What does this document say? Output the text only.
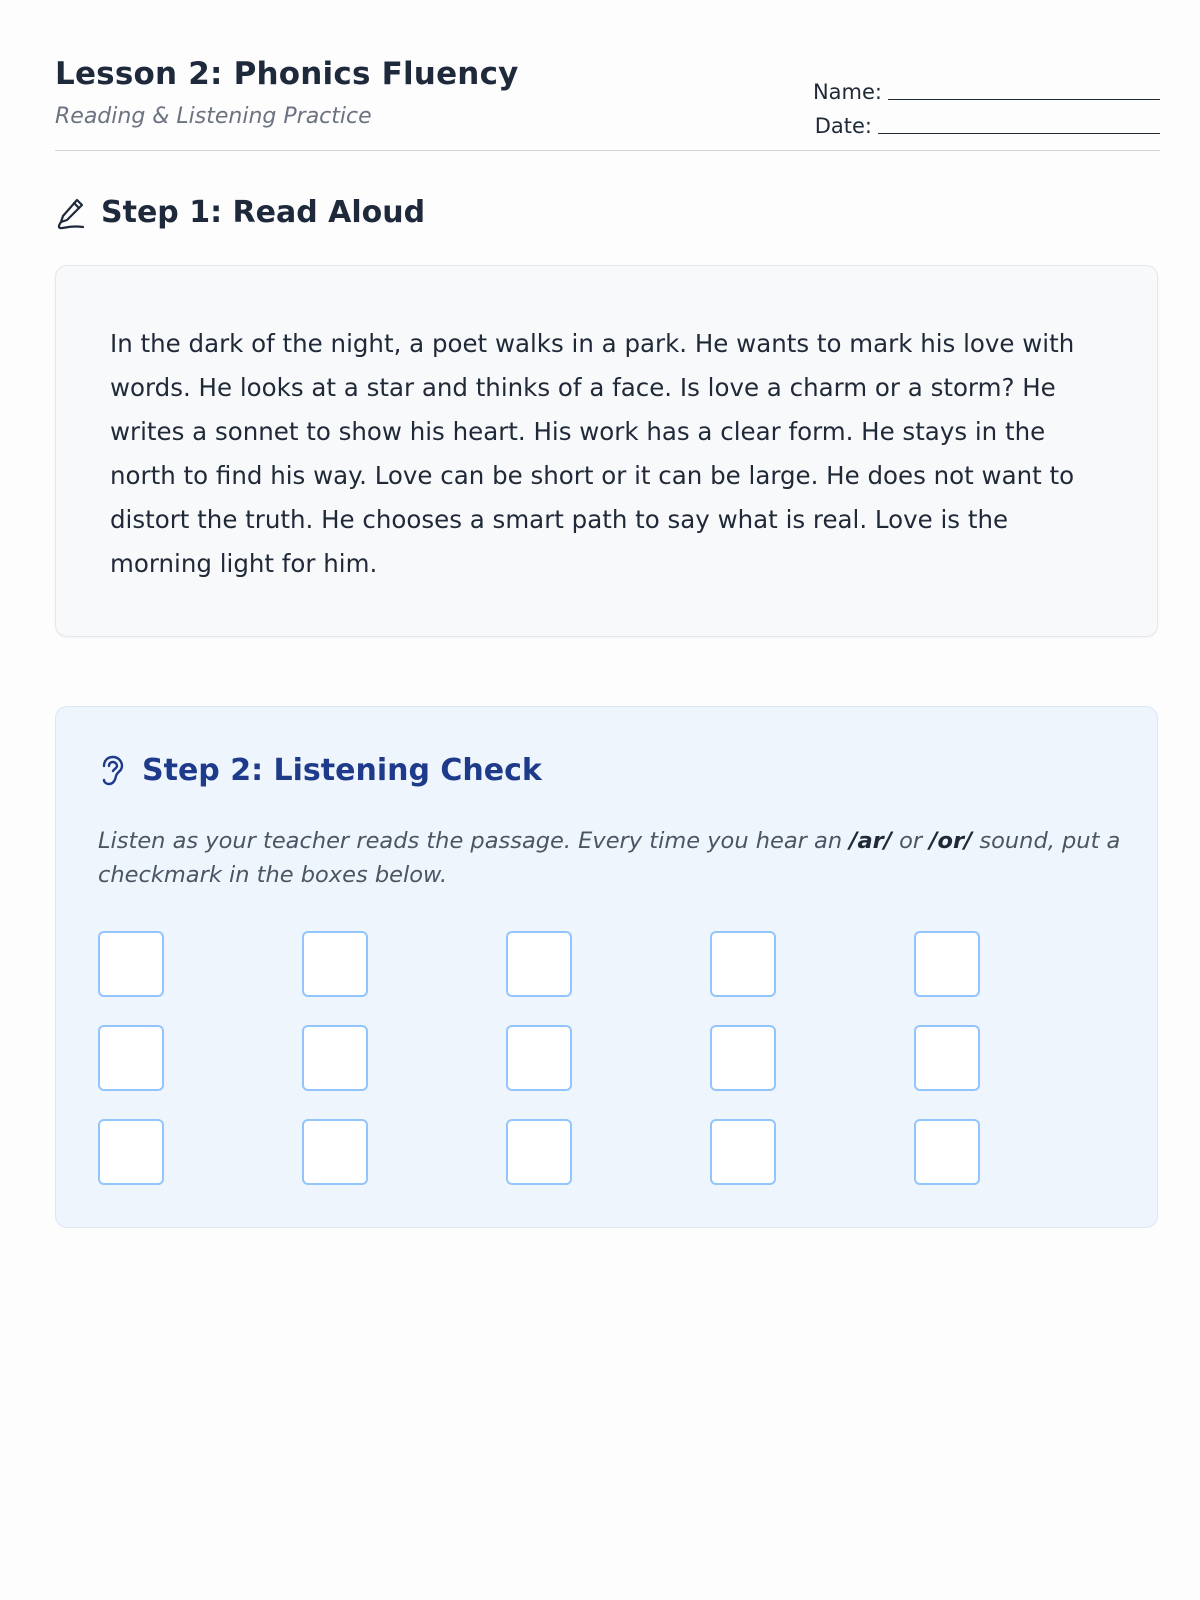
Lesson 2: Phonics Fluency

Reading & Listening Practice

Name:
Date:
Step 1: Read Aloud

In the dark of the night, a poet walks in a park. He wants to mark his love with words. He looks at a star and thinks of a face. Is love a charm or a storm? He writes a sonnet to show his heart. His work has a clear form. He stays in the north to find his way. Love can be short or it can be large. He does not want to distort the truth. He chooses a smart path to say what is real. Love is the morning light for him.

Step 2: Listening Check

Listen as your teacher reads the passage. Every time you hear an /ar/ or /or/ sound, put a checkmark in the boxes below.
